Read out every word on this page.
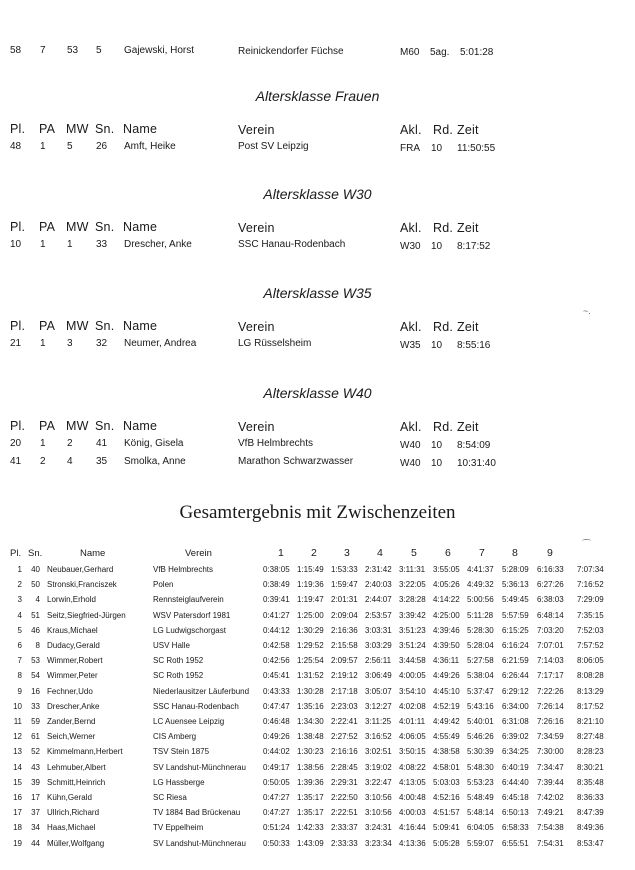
58 7 53 5 Gajewski, Horst	Reinickendorfer Füchse	M60 5ag. 5:01:28
Altersklasse Frauen
Pl. PA MW Sn. Name	Verein	Akl. Rd. Zeit
48 1 5 26 Amft, Heike	Post SV Leipzig	FRA 10 11:50:55
Altersklasse W30
Pl. PA MW Sn. Name	Verein	Akl. Rd. Zeit
10 1 1 33 Drescher, Anke	SSC Hanau-Rodenbach	W30 10 8:17:52
Altersklasse W35
Pl. PA MW Sn. Name	Verein	Akl. Rd. Zeit
21 1 3 32 Neumer, Andrea	LG Rüsselsheim	W35 10 8:55:16
Altersklasse W40
Pl. PA MW Sn. Name	Verein	Akl. Rd. Zeit
20 1 2 41 König, Gisela	VfB Helmbrechts	W40 10 8:54:09
41 2 4 35 Smolka, Anne	Marathon Schwarzwasser	W40 10 10:31:40
Gesamtergebnis mit Zwischenzeiten
Pl. Sn.	Name	Verein	1	2	3	4	5	6	7	8	9
1 40 Neubauer,Gerhard	VfB Helmbrechts	0:38:05 1:15:49 1:53:33 2:31:42 3:11:31 3:55:05 4:41:37 5:28:09 6:16:33 7:07:34
2 50 Stronski,Franciszek	Polen	0:38:49 1:19:36 1:59:47 2:40:03 3:22:05 4:05:26 4:49:32 5:36:13 6:27:26 7:16:52
3 4 Lorwin,Erhold	Rennsteiglaufverein	0:39:41 1:19:47 2:01:31 2:44:07 3:28:28 4:14:22 5:00:56 5:49:45 6:38:03 7:29:09
4 51 Seitz,Siegfried-Jürgen	WSV Patersdorf 1981	0:41:27 1:25:00 2:09:04 2:53:57 3:39:42 4:25:00 5:11:28 5:57:59 6:48:14 7:35:15
5 46 Kraus,Michael	LG Ludwigschorgast	0:44:12 1:30:29 2:16:36 3:03:31 3:51:23 4:39:46 5:28:30 6:15:25 7:03:20 7:52:03
6 8 Dudacy,Gerald	USV Halle	0:42:58 1:29:52 2:15:58 3:03:29 3:51:24 4:39:50 5:28:04 6:16:24 7:07:01 7:57:52
7 53 Wimmer,Robert	SC Roth 1952	0:42:56 1:25:54 2:09:57 2:56:11 3:44:58 4:36:11 5:27:58 6:21:59 7:14:03 8:06:05
8 54 Wimmer,Peter	SC Roth 1952	0:45:41 1:31:52 2:19:12 3:06:49 4:00:05 4:49:26 5:38:04 6:26:44 7:17:17 8:08:28
9 16 Fechner,Udo	Niederlausitzer Läuferbund 0:43:33 1:30:28 2:17:18 3:05:07 3:54:10 4:45:10 5:37:47 6:29:12 7:22:26 8:13:29
10 33 Drescher,Anke	SSC Hanau-Rodenbach	0:47:47 1:35:16 2:23:03 3:12:27 4:02:08 4:52:19 5:43:16 6:34:00 7:26:14 8:17:52
11 59 Zander,Bernd	LC Auensee Leipzig	0:46:48 1:34:30 2:22:41 3:11:25 4:01:11 4:49:42 5:40:01 6:31:08 7:26:16 8:21:10
12 61 Seich,Werner	CIS Amberg	0:49:26 1:38:48 2:27:52 3:16:52 4:06:05 4:55:49 5:46:26 6:39:02 7:34:59 8:27:48
13 52 Kimmelmann,Herbert	TSV Stein 1875	0:44:02 1:30:23 2:16:16 3:02:51 3:50:15 4:38:58 5:30:39 6:34:25 7:30:00 8:28:23
14 43 Lehmuber,Albert	SV Landshut-Münchnerau 0:49:17 1:38:56 2:28:45 3:19:02 4:08:22 4:58:01 5:48:30 6:40:19 7:34:47 8:30:21
15 39 Schmitt,Heinrich	LG Hassberge	0:50:05 1:39:36 2:29:31 3:22:47 4:13:05 5:03:03 5:53:23 6:44:40 7:39:44 8:35:48
16 17 Kühn,Gerald	SC Riesa	0:47:27 1:35:17 2:22:50 3:10:56 4:00:48 4:52:16 5:48:49 6:45:18 7:42:02 8:36:33
17 37 Ullrich,Richard	TV 1884 Bad Brückenau	0:47:27 1:35:17 2:22:51 3:10:56 4:00:03 4:51:57 5:48:14 6:50:13 7:49:21 8:47:39
18 34 Haas,Michael	TV Eppelheim	0:51:24 1:42:33 2:33:37 3:24:31 4:16:44 5:09:41 6:04:05 6:58:33 7:54:38 8:49:36
19 44 Müller,Wolfgang	SV Landshut-Münchnerau 0:50:33 1:43:09 2:33:33 3:23:34 4:13:36 5:05:28 5:59:07 6:55:51 7:54:31 8:53:47
⌒
~.
